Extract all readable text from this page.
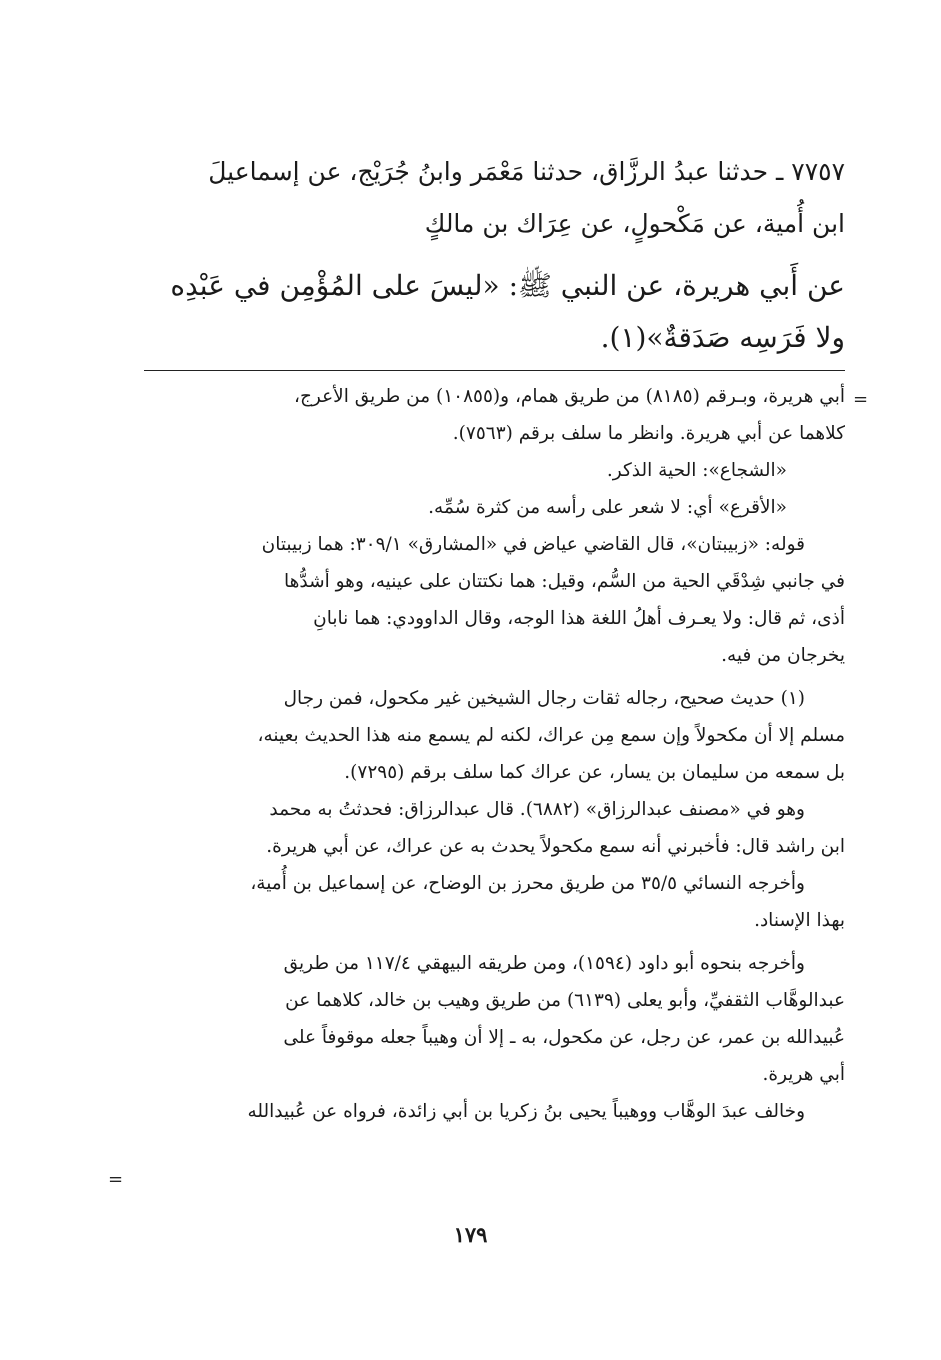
٧٧٥٧ ـ حدثنا عبدُ الرزَّاق، حدثنا مَعْمَر وابنُ جُرَيْج، عن إسماعيلَ
ابن أُمية، عن مَكْحولٍ، عن عِرَاك بن مالكٍ
عن أَبي هريرة، عن النبي ﷺ: «ليسَ على المُؤْمِن في عَبْدِه
ولا فَرَسِه صَدَقةٌ»(١).
=
أبي هريرة، وبـرقم (٨١٨٥) من طريق همام، و(١٠٨٥٥) من طريق الأعرج،
كلاهما عن أبي هريرة. وانظر ما سلف برقم (٧٥٦٣).
«الشجاع»: الحية الذكر.
«الأقرع» أي: لا شعر على رأسه من كثرة سُمِّه.
قوله: «زبيبتان»، قال القاضي عياض في «المشارق» ٣٠٩/١: هما زبيبتان
في جانبي شِدْقَي الحية من السُّم، وقيل: هما نكتتان على عينيه، وهو أشدُّها
أذى، ثم قال: ولا يعـرف أهلُ اللغة هذا الوجه، وقال الداوودي: هما نابانِ
يخرجان من فيه.
(١) حديث صحيح، رجاله ثقات رجال الشيخين غير مكحول، فمن رجال
مسلم إلا أن مكحولاً وإن سمع مِن عراك، لكنه لم يسمع منه هذا الحديث بعينه،
بل سمعه من سليمان بن يسار، عن عراك كما سلف برقم (٧٢٩٥).
وهو في «مصنف عبدالرزاق» (٦٨٨٢). قال عبدالرزاق: فحدثتُ به محمد
ابن راشد قال: فأخبرني أنه سمع مكحولاً يحدث به عن عراك، عن أبي هريرة.
وأخرجه النسائي ٣٥/٥ من طريق محرز بن الوضاح، عن إسماعيل بن أُمية،
بهذا الإسناد.
وأخرجه بنحوه أبو داود (١٥٩٤)، ومن طريقه البيهقي ١١٧/٤ من طريق
عبدالوهَّاب الثقفيِّ، وأبو يعلى (٦١٣٩) من طريق وهيب بن خالد، كلاهما عن
عُبيدالله بن عمر، عن رجل، عن مكحول، به ـ إلا أن وهيباً جعله موقوفاً على
أبي هريرة.
وخالف عبدَ الوهَّاب ووهيباً يحيى بنُ زكريا بن أبي زائدة، فرواه عن عُبيدالله
=
١٧٩
